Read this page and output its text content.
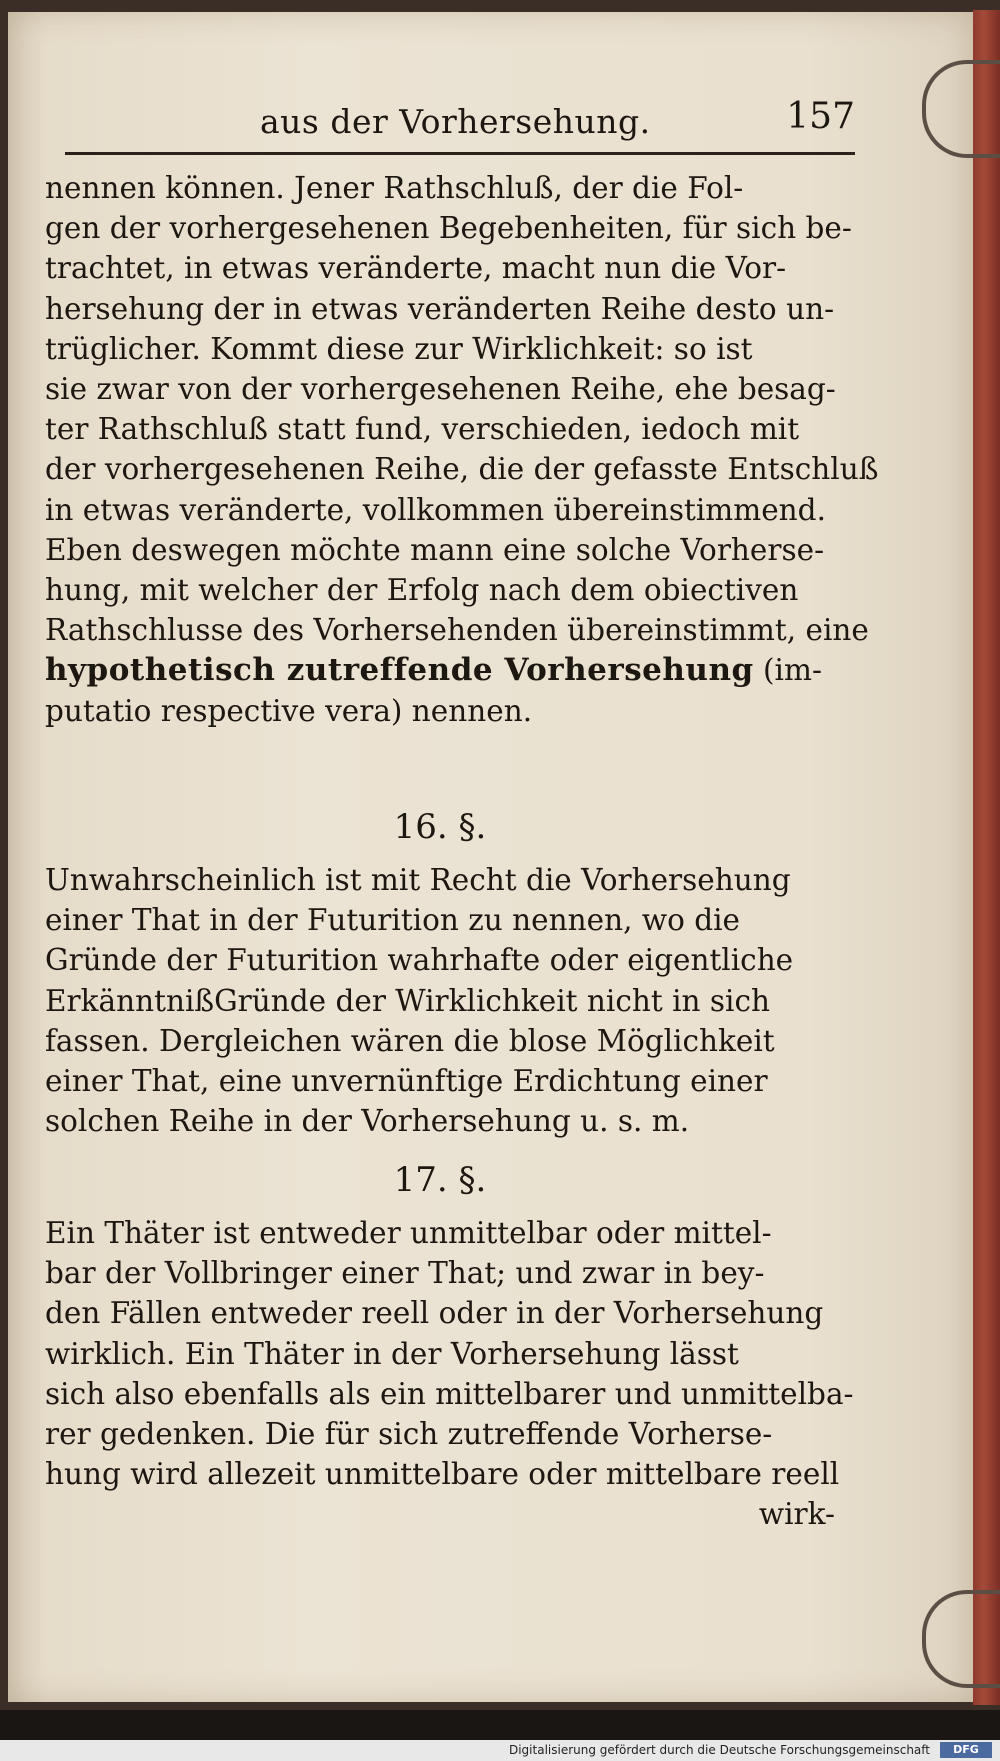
aus der Vorhersehung.	157

nennen können. Jener Rathschluß, der die Fol-
gen der vorhergesehenen Begebenheiten, für sich be-
trachtet, in etwas veränderte, macht nun die Vor-
hersehung der in etwas veränderten Reihe desto un-
trüglicher. Kommt diese zur Wirklichkeit: so ist
sie zwar von der vorhergesehenen Reihe, ehe besag-
ter Rathschluß statt fund, verschieden, iedoch mit
der vorhergesehenen Reihe, die der gefasste Entschluß
in etwas veränderte, vollkommen übereinstimmend.
Eben deswegen möchte mann eine solche Vorherse-
hung, mit welcher der Erfolg nach dem obiectiven
Rathschlusse des Vorhersehenden übereinstimmt, eine
hypothetisch zutreffende Vorhersehung (im-
putatio respective vera) nennen.

16. §.

Unwahrscheinlich ist mit Recht die Vorhersehung
einer That in der Futurition zu nennen, wo die
Gründe der Futurition wahrhafte oder eigentliche
ErkänntnißGründe der Wirklichkeit nicht in sich
fassen. Dergleichen wären die blose Möglichkeit
einer That, eine unvernünftige Erdichtung einer
solchen Reihe in der Vorhersehung u. s. m.

17. §.

Ein Thäter ist entweder unmittelbar oder mittel-
bar der Vollbringer einer That; und zwar in bey-
den Fällen entweder reell oder in der Vorhersehung
wirklich. Ein Thäter in der Vorhersehung lässt
sich also ebenfalls als ein mittelbarer und unmittelba-
rer gedenken. Die für sich zutreffende Vorherse-
hung wird allezeit unmittelbare oder mittelbare reell
wirk-

Digitalisierung gefördert durch die Deutsche Forschungsgemeinschaft	DFG
